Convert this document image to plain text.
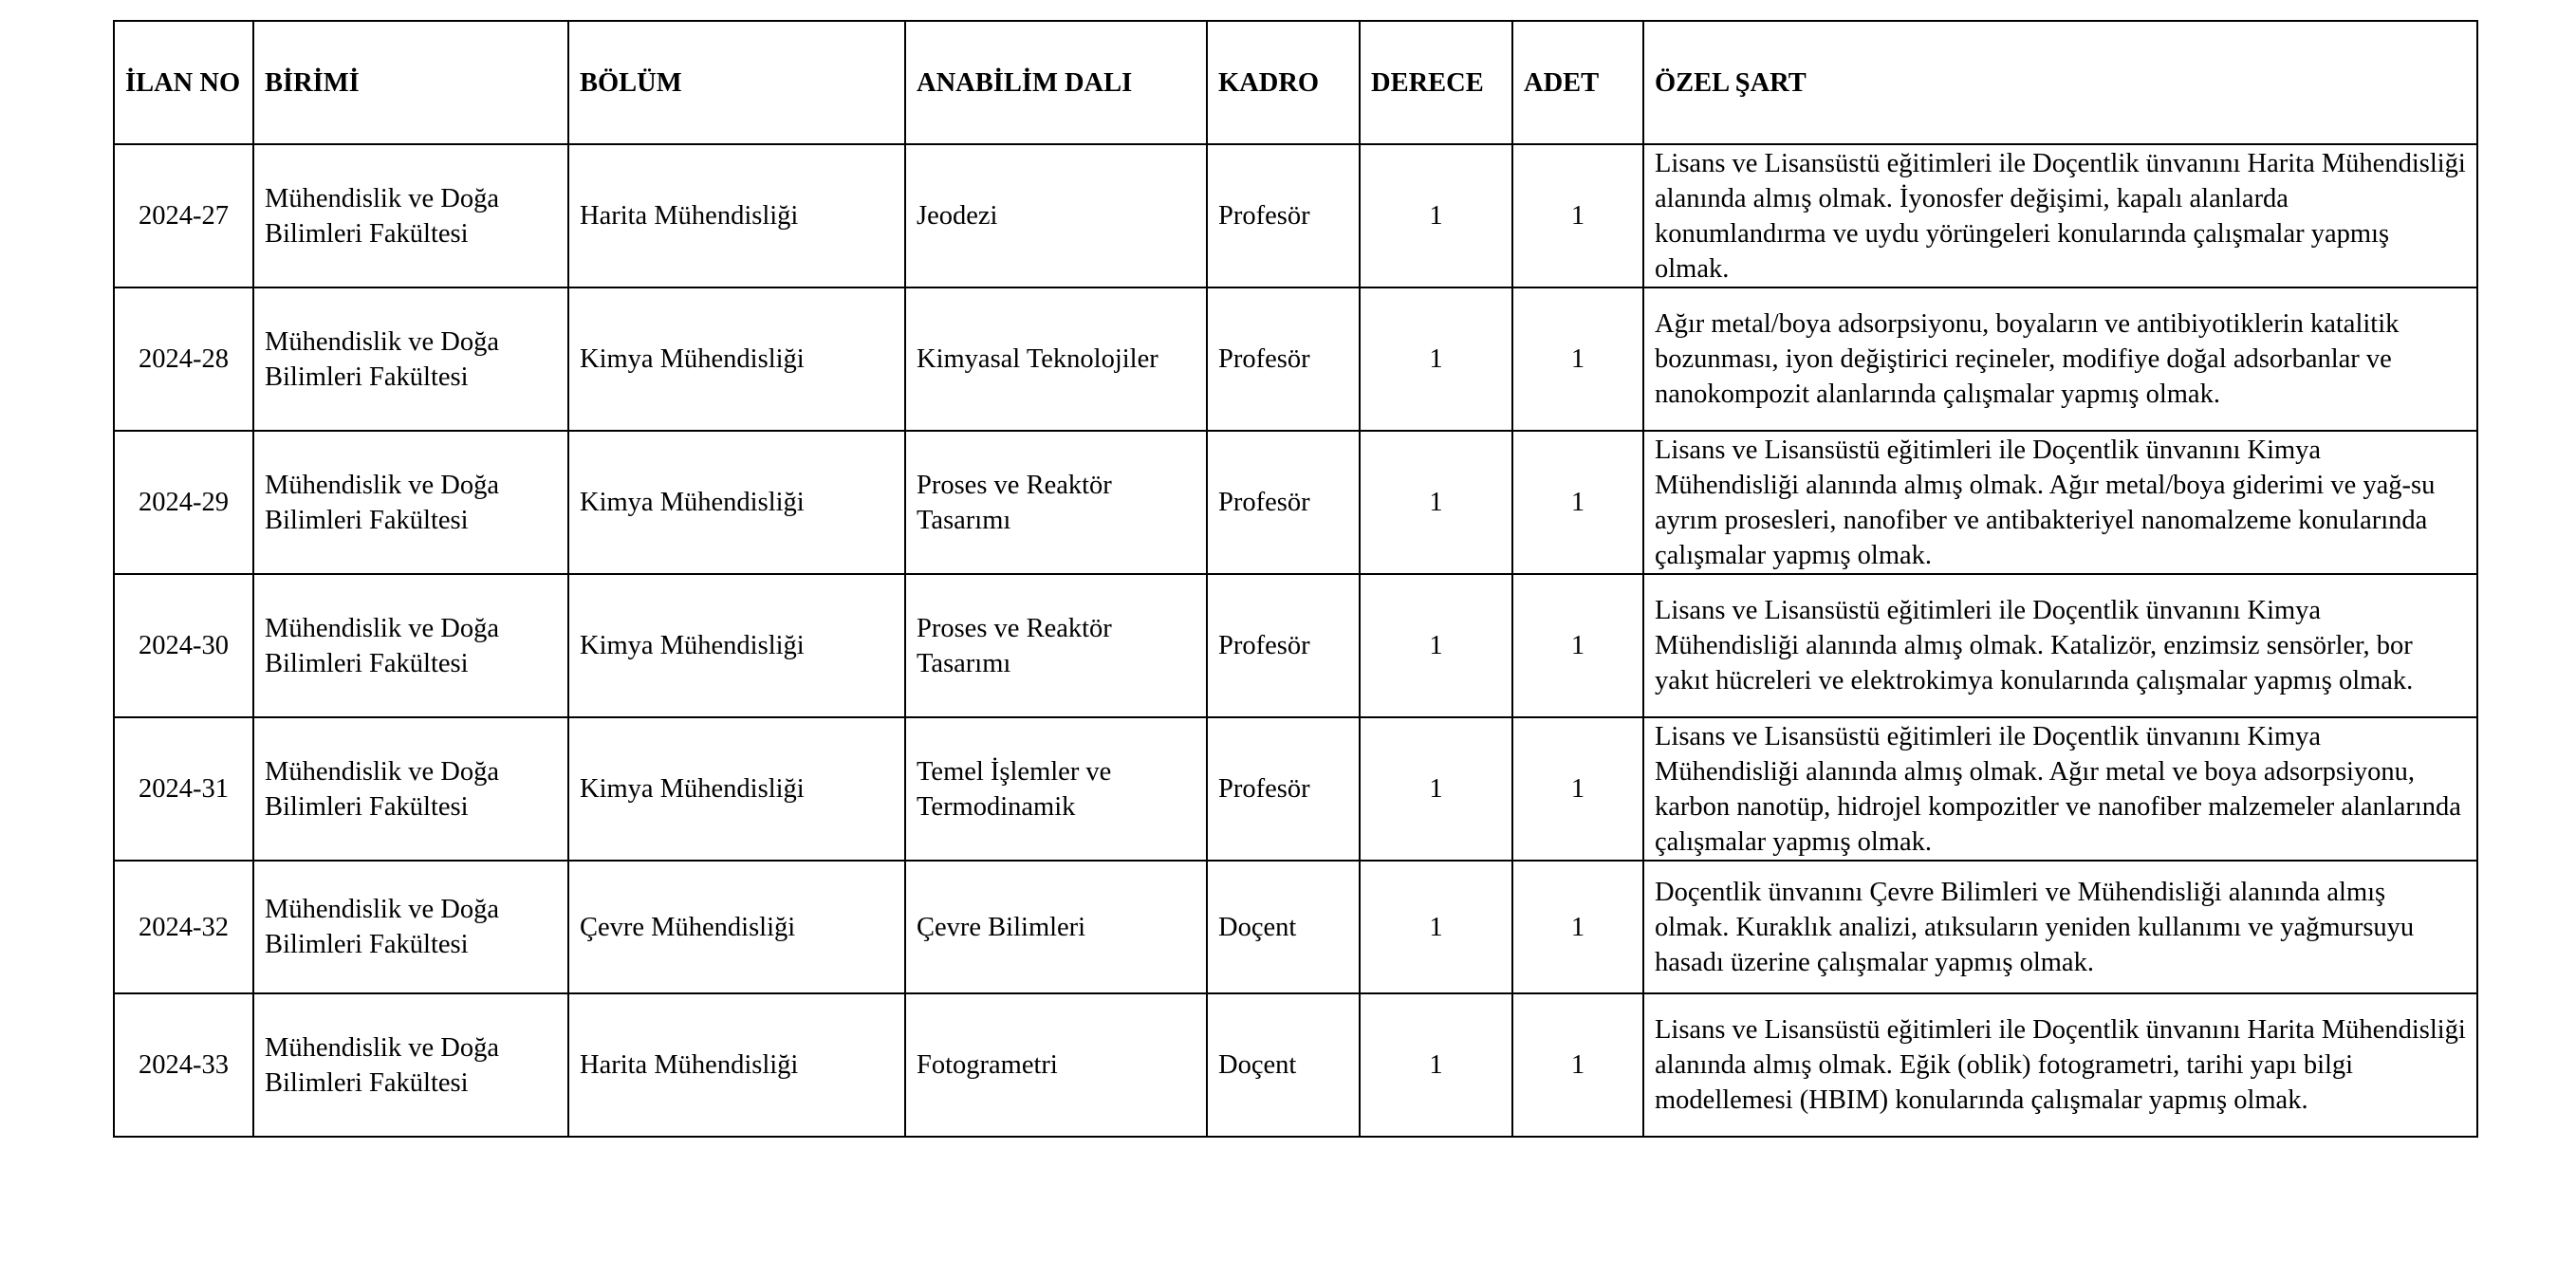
İLAN NO	BİRİMİ	BÖLÜM	ANABİLİM DALI	KADRO	DERECE	ADET	ÖZEL ŞART
2024-27	Mühendislik ve Doğa Bilimleri Fakültesi	Harita Mühendisliği	Jeodezi	Profesör	1	1	Lisans ve Lisansüstü eğitimleri ile Doçentlik ünvanını Harita Mühendisliği alanında almış olmak. İyonosfer değişimi, kapalı alanlarda konumlandırma ve uydu yörüngeleri konularında çalışmalar yapmış olmak.
2024-28	Mühendislik ve Doğa Bilimleri Fakültesi	Kimya Mühendisliği	Kimyasal Teknolojiler	Profesör	1	1	Ağır metal/boya adsorpsiyonu, boyaların ve antibiyotiklerin katalitik bozunması, iyon değiştirici reçineler, modifiye doğal adsorbanlar ve nanokompozit alanlarında çalışmalar yapmış olmak.
2024-29	Mühendislik ve Doğa Bilimleri Fakültesi	Kimya Mühendisliği	Proses ve Reaktör Tasarımı	Profesör	1	1	Lisans ve Lisansüstü eğitimleri ile Doçentlik ünvanını Kimya Mühendisliği alanında almış olmak. Ağır metal/boya giderimi ve yağ-su ayrım prosesleri, nanofiber ve antibakteriyel nanomalzeme konularında çalışmalar yapmış olmak.
2024-30	Mühendislik ve Doğa Bilimleri Fakültesi	Kimya Mühendisliği	Proses ve Reaktör Tasarımı	Profesör	1	1	Lisans ve Lisansüstü eğitimleri ile Doçentlik ünvanını Kimya Mühendisliği alanında almış olmak. Katalizör, enzimsiz sensörler, bor yakıt hücreleri ve elektrokimya konularında çalışmalar yapmış olmak.
2024-31	Mühendislik ve Doğa Bilimleri Fakültesi	Kimya Mühendisliği	Temel İşlemler ve Termodinamik	Profesör	1	1	Lisans ve Lisansüstü eğitimleri ile Doçentlik ünvanını Kimya Mühendisliği alanında almış olmak. Ağır metal ve boya adsorpsiyonu, karbon nanotüp, hidrojel kompozitler ve nanofiber malzemeler alanlarında çalışmalar yapmış olmak.
2024-32	Mühendislik ve Doğa Bilimleri Fakültesi	Çevre Mühendisliği	Çevre Bilimleri	Doçent	1	1	Doçentlik ünvanını Çevre Bilimleri ve Mühendisliği alanında almış olmak. Kuraklık analizi, atıksuların yeniden kullanımı ve yağmursuyu hasadı üzerine çalışmalar yapmış olmak.
2024-33	Mühendislik ve Doğa Bilimleri Fakültesi	Harita Mühendisliği	Fotogrametri	Doçent	1	1	Lisans ve Lisansüstü eğitimleri ile Doçentlik ünvanını Harita Mühendisliği alanında almış olmak. Eğik (oblik) fotogrametri, tarihi yapı bilgi modellemesi (HBIM) konularında çalışmalar yapmış olmak.
